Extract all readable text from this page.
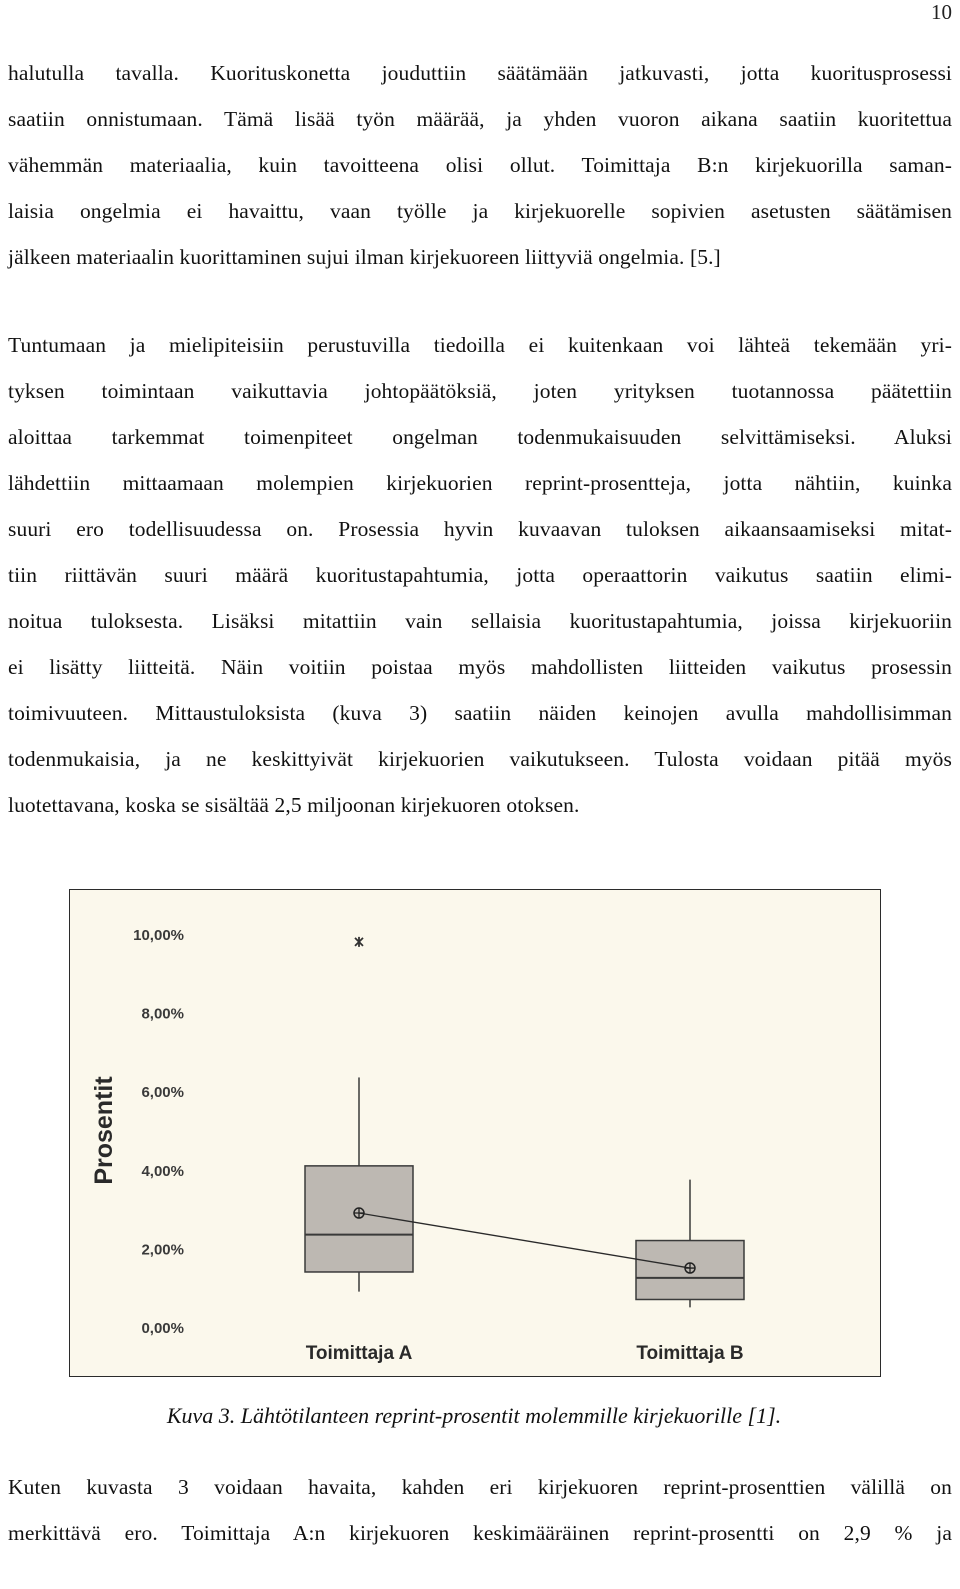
10
halutulla tavalla. Kuorituskonetta jouduttiin säätämään jatkuvasti, jotta kuoritusprosessi
saatiin onnistumaan. Tämä lisää työn määrää, ja yhden vuoron aikana saatiin kuoritettua
vähemmän materiaalia, kuin tavoitteena olisi ollut. Toimittaja B:n kirjekuorilla saman-
laisia ongelmia ei havaittu, vaan työlle ja kirjekuorelle sopivien asetusten säätämisen
jälkeen materiaalin kuorittaminen sujui ilman kirjekuoreen liittyviä ongelmia. [5.]
Tuntumaan ja mielipiteisiin perustuvilla tiedoilla ei kuitenkaan voi lähteä tekemään yri-
tyksen toimintaan vaikuttavia johtopäätöksiä, joten yrityksen tuotannossa päätettiin
aloittaa tarkemmat toimenpiteet ongelman todenmukaisuuden selvittämiseksi. Aluksi
lähdettiin mittaamaan molempien kirjekuorien reprint-prosentteja, jotta nähtiin, kuinka
suuri ero todellisuudessa on. Prosessia hyvin kuvaavan tuloksen aikaansaamiseksi mitat-
tiin riittävän suuri määrä kuoritustapahtumia, jotta operaattorin vaikutus saatiin elimi-
noitua tuloksesta. Lisäksi mitattiin vain sellaisia kuoritustapahtumia, joissa kirjekuoriin
ei lisätty liitteitä. Näin voitiin poistaa myös mahdollisten liitteiden vaikutus prosessin
toimivuuteen. Mittaustuloksista (kuva 3) saatiin näiden keinojen avulla mahdollisimman
todenmukaisia, ja ne keskittyivät kirjekuorien vaikutukseen. Tulosta voidaan pitää myös
luotettavana, koska se sisältää 2,5 miljoonan kirjekuoren otoksen.
Prosentit
0,00%
2,00%
4,00%
6,00%
8,00%
10,00%
Toimittaja A	Toimittaja B

Kuva 3. Lähtötilanteen reprint-prosentit molemmille kirjekuorille [1].

Kuten kuvasta 3 voidaan havaita, kahden eri kirjekuoren reprint-prosenttien välillä on
merkittävä ero. Toimittaja A:n kirjekuoren keskimääräinen reprint-prosentti on 2,9 % ja
